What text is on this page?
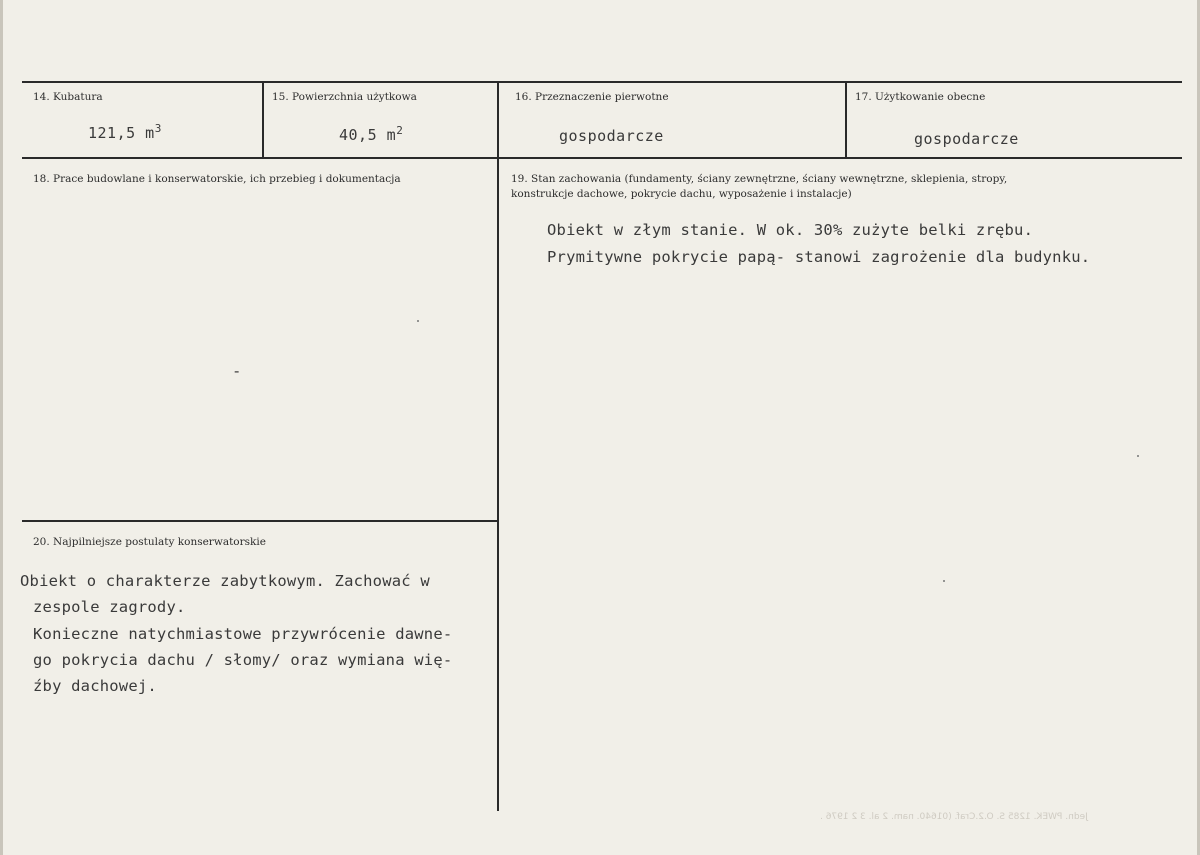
14. Kubatura
121,5 $m^3$
15. Powierzchnia użytkowa
40,5 $m^2$
16. Przeznaczenie pierwotne
gospodarcze
17. Użytkowanie obecne
gospodarcze
18. Prace budowlane i konserwatorskie, ich przebieg i dokumentacja
-
19. Stan zachowania (fundamenty, ściany zewnętrzne, ściany wewnętrzne, sklepienia, stropy,
konstrukcje dachowe, pokrycie dachu, wyposażenie i instalacje)
Obiekt w złym stanie. W ok. 30% zużyte belki zrębu.
Prymitywne pokrycie papą- stanowi zagrożenie dla budynku.
20. Najpilniejsze postulaty konserwatorskie
Obiekt o charakterze zabytkowym. Zachować w
zespole zagrody.
Konieczne natychmiastowe przywrócenie dawne-
go pokrycia dachu / słomy/ oraz wymiana wię-
źby dachowej.
Jedn. PWEK. 1285 S. O.2.Craf. (01640. nam. 2 al. 3 2 1976 .
